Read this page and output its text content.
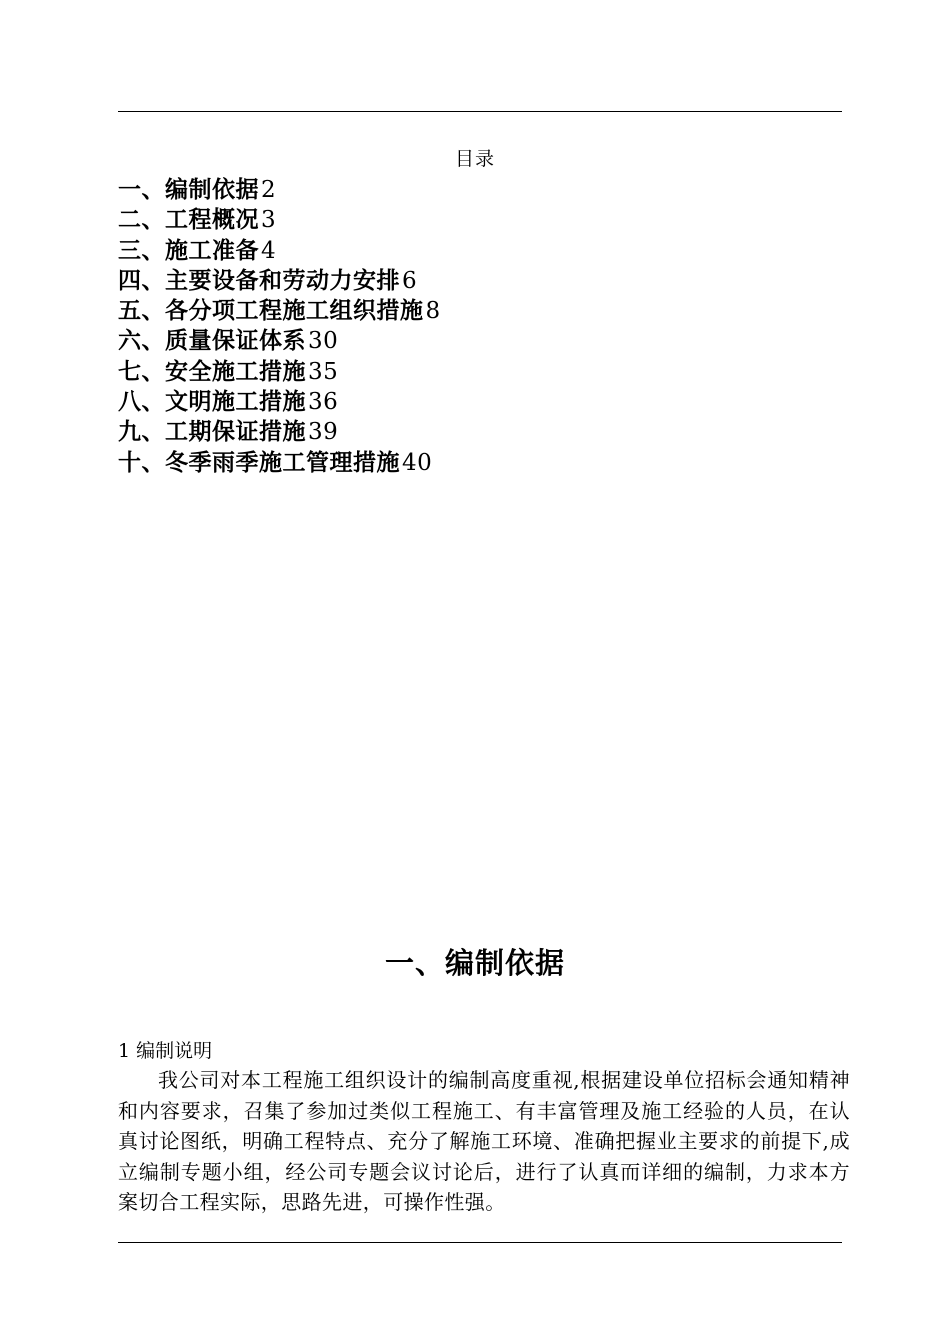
目录
一、编制依据2
二、工程概况3
三、施工准备4
四、主要设备和劳动力安排6
五、各分项工程施工组织措施8
六、质量保证体系30
七、安全施工措施35
八、文明施工措施36
九、工期保证措施39
十、冬季雨季施工管理措施40
一、编制依据
1 编制说明

我公司对本工程施工组织设计的编制高度重视,根据建设单位招标会通知精神和内容要求，召集了参加过类似工程施工、有丰富管理及施工经验的人员，在认真讨论图纸，明确工程特点、充分了解施工环境、准确把握业主要求的前提下,成立编制专题小组，经公司专题会议讨论后，进行了认真而详细的编制，力求本方案切合工程实际，思路先进，可操作性强。
